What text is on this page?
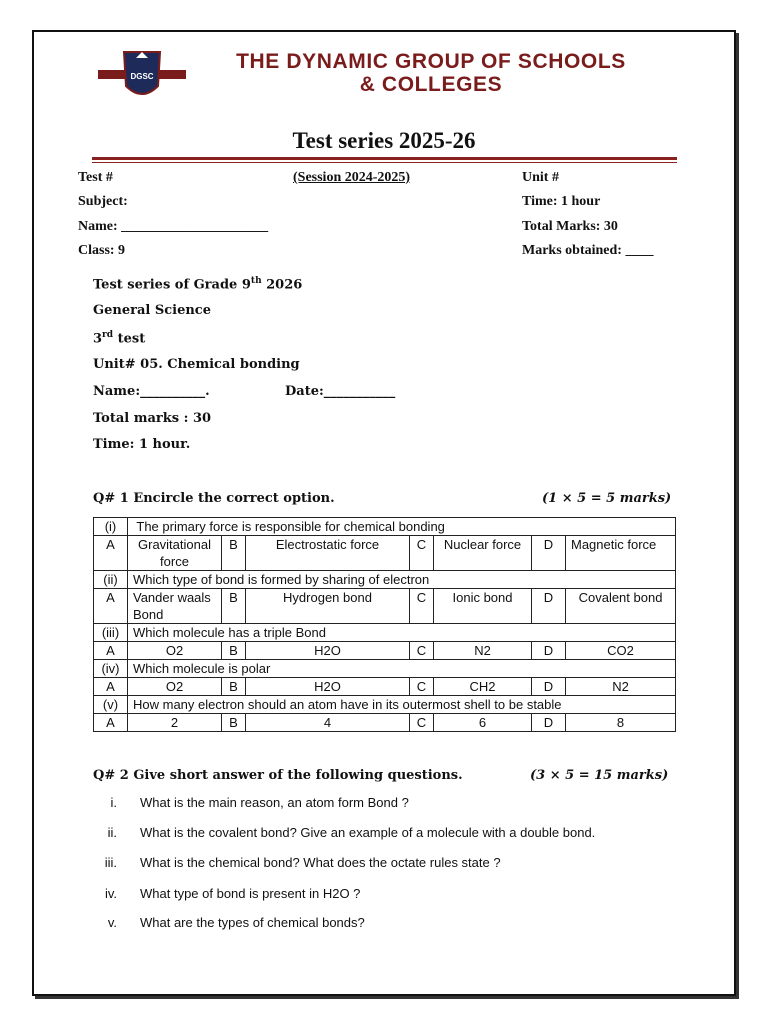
DGSC
THE DYNAMIC GROUP OF SCHOOLS
& COLLEGES
Test series 2025-26
Test #	(Session 2024-2025)	Unit #
Subject:	Time: 1 hour
Name: _____________________	Total Marks: 30
Class: 9	Marks obtained: ____
Test series of Grade 9th 2026
General Science
3rd test
Unit# 05. Chemical bonding
Name:__________.	Date:___________
Total marks : 30
Time: 1 hour.
Q# 1 Encircle the correct option.	(1 × 5 = 5 marks)
(i)	The primary force is responsible for chemical bonding						
A	Gravitational force	B	Electrostatic force	C	Nuclear force	D	Magnetic force
(ii)	Which type of bond is formed by sharing of electron						
A	Vander waals Bond	B	Hydrogen bond	C	Ionic bond	D	Covalent bond
(iii)	Which molecule has a triple Bond						
A	O2	B	H2O	C	N2	D	CO2
(iv)	Which molecule is polar						
A	O2	B	H2O	C	CH2	D	N2
(v)	How many electron should an atom have in its outermost shell to be stable						
A	2	B	4	C	6	D	8
Q# 2 Give short answer of the following questions.	(3 × 5 = 15 marks)
i. What is the main reason, an atom form Bond ?
ii. What is the covalent bond? Give an example of a molecule with a double bond.
iii. What is the chemical bond? What does the octate rules state ?
iv. What type of bond is present in H2O ?
v. What are the types of chemical bonds?
